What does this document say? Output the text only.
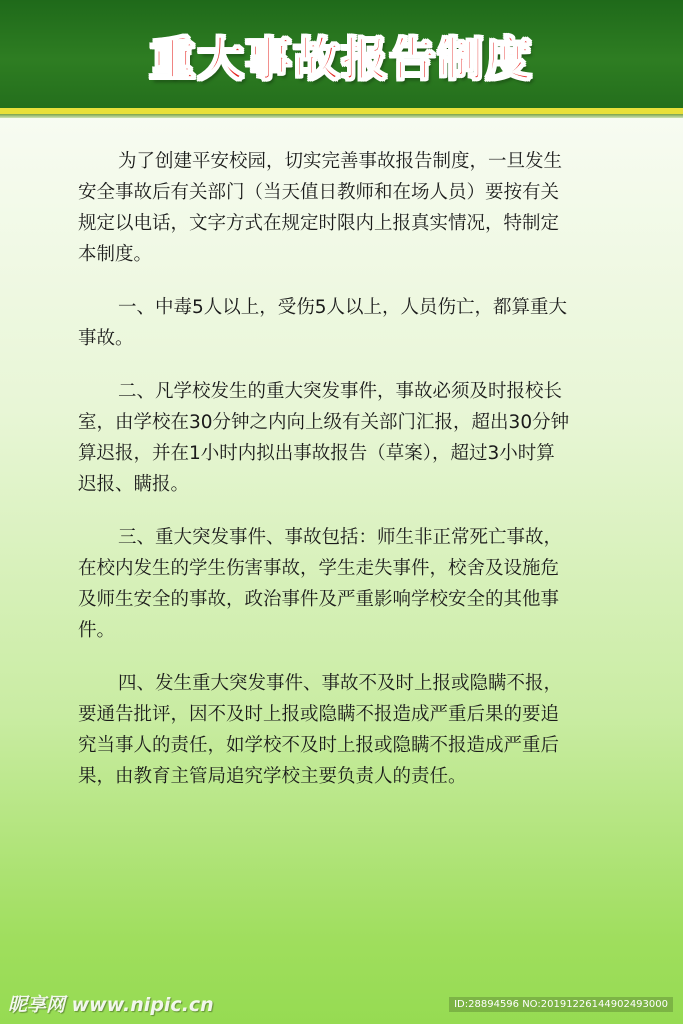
重大事故报告制度

为了创建平安校园，切实完善事故报告制度，一旦发生
安全事故后有关部门（当天值日教师和在场人员）要按有关
规定以电话，文字方式在规定时限内上报真实情况，特制定
本制度。

一、中毒5人以上，受伤5人以上，人员伤亡，都算重大
事故。

二、凡学校发生的重大突发事件，事故必须及时报校长
室，由学校在30分钟之内向上级有关部门汇报，超出30分钟
算迟报，并在1小时内拟出事故报告（草案），超过3小时算
迟报、瞒报。

三、重大突发事件、事故包括：师生非正常死亡事故，
在校内发生的学生伤害事故，学生走失事件，校舍及设施危
及师生安全的事故，政治事件及严重影响学校安全的其他事
件。

四、发生重大突发事件、事故不及时上报或隐瞒不报，
要通告批评，因不及时上报或隐瞒不报造成严重后果的要追
究当事人的责任，如学校不及时上报或隐瞒不报造成严重后
果，由教育主管局追究学校主要负责人的责任。

昵享网 www.nipic.cn	ID:28894596 NO:20191226144902493000
